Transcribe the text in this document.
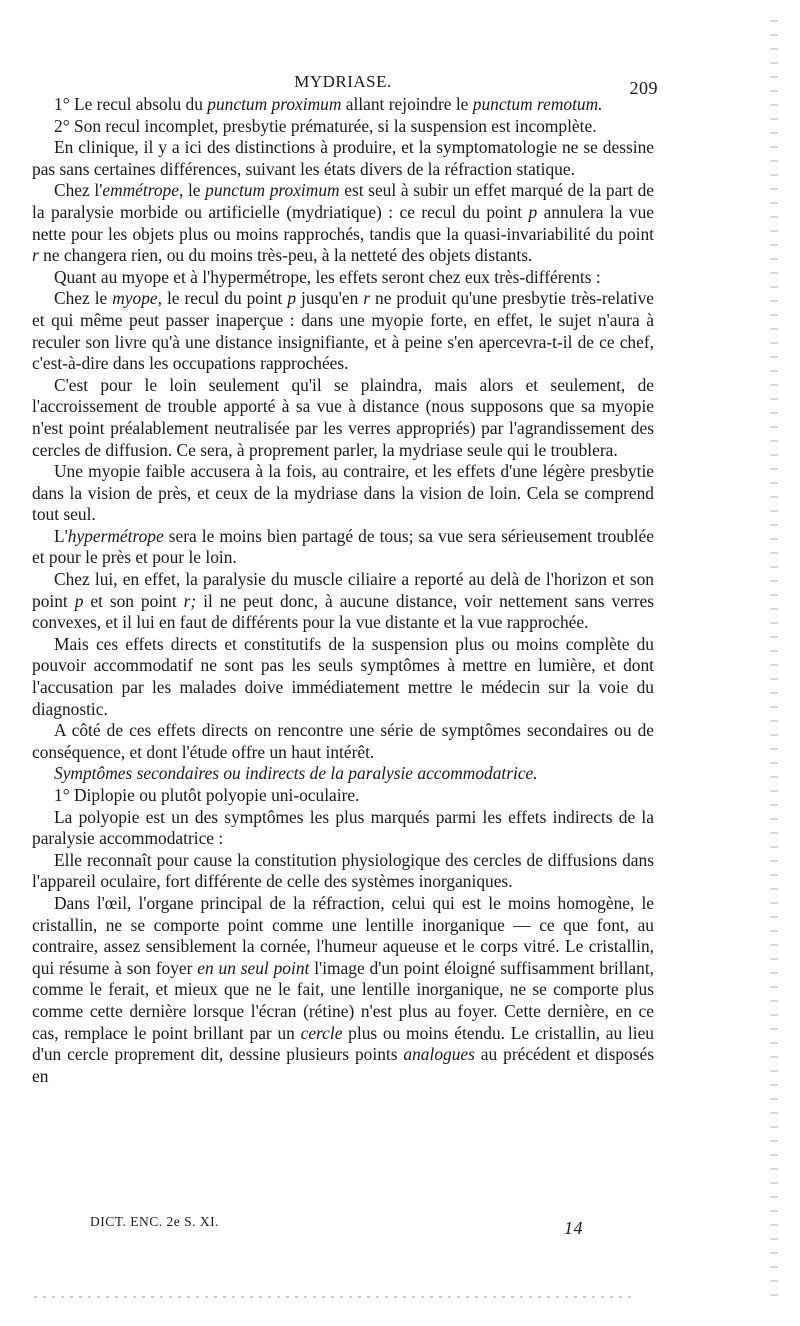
MYDRIASE.	209

1° Le recul absolu du punctum proximum allant rejoindre le punctum remotum.

2° Son recul incomplet, presbytie prématurée, si la suspension est incomplète.

En clinique, il y a ici des distinctions à produire, et la symptomatologie ne se dessine pas sans certaines différences, suivant les états divers de la réfraction statique.

Chez l'emmétrope, le punctum proximum est seul à subir un effet marqué de la part de la paralysie morbide ou artificielle (mydriatique) : ce recul du point p annulera la vue nette pour les objets plus ou moins rapprochés, tandis que la quasi-invariabilité du point r ne changera rien, ou du moins très-peu, à la netteté des objets distants.

Quant au myope et à l'hypermétrope, les effets seront chez eux très-différents :

Chez le myope, le recul du point p jusqu'en r ne produit qu'une presbytie très-relative et qui même peut passer inaperçue : dans une myopie forte, en effet, le sujet n'aura à reculer son livre qu'à une distance insignifiante, et à peine s'en apercevra-t-il de ce chef, c'est-à-dire dans les occupations rapprochées.

C'est pour le loin seulement qu'il se plaindra, mais alors et seulement, de l'accroissement de trouble apporté à sa vue à distance (nous supposons que sa myopie n'est point préalablement neutralisée par les verres appropriés) par l'agrandissement des cercles de diffusion. Ce sera, à proprement parler, la mydriase seule qui le troublera.

Une myopie faible accusera à la fois, au contraire, et les effets d'une légère presbytie dans la vision de près, et ceux de la mydriase dans la vision de loin. Cela se comprend tout seul.

L'hypermétrope sera le moins bien partagé de tous; sa vue sera sérieusement troublée et pour le près et pour le loin.

Chez lui, en effet, la paralysie du muscle ciliaire a reporté au delà de l'horizon et son point p et son point r; il ne peut donc, à aucune distance, voir nettement sans verres convexes, et il lui en faut de différents pour la vue distante et la vue rapprochée.

Mais ces effets directs et constitutifs de la suspension plus ou moins complète du pouvoir accommodatif ne sont pas les seuls symptômes à mettre en lumière, et dont l'accusation par les malades doive immédiatement mettre le médecin sur la voie du diagnostic.

A côté de ces effets directs on rencontre une série de symptômes secondaires ou de conséquence, et dont l'étude offre un haut intérêt.

Symptômes secondaires ou indirects de la paralysie accommodatrice.

1° Diplopie ou plutôt polyopie uni-oculaire.

La polyopie est un des symptômes les plus marqués parmi les effets indirects de la paralysie accommodatrice :

Elle reconnaît pour cause la constitution physiologique des cercles de diffusions dans l'appareil oculaire, fort différente de celle des systèmes inorganiques.

Dans l'œil, l'organe principal de la réfraction, celui qui est le moins homogène, le cristallin, ne se comporte point comme une lentille inorganique — ce que font, au contraire, assez sensiblement la cornée, l'humeur aqueuse et le corps vitré. Le cristallin, qui résume à son foyer en un seul point l'image d'un point éloigné suffisamment brillant, comme le ferait, et mieux que ne le fait, une lentille inorganique, ne se comporte plus comme cette dernière lorsque l'écran (rétine) n'est plus au foyer. Cette dernière, en ce cas, remplace le point brillant par un cercle plus ou moins étendu. Le cristallin, au lieu d'un cercle proprement dit, dessine plusieurs points analogues au précédent et disposés en

DICT. ENC. 2e S. XI.	14
